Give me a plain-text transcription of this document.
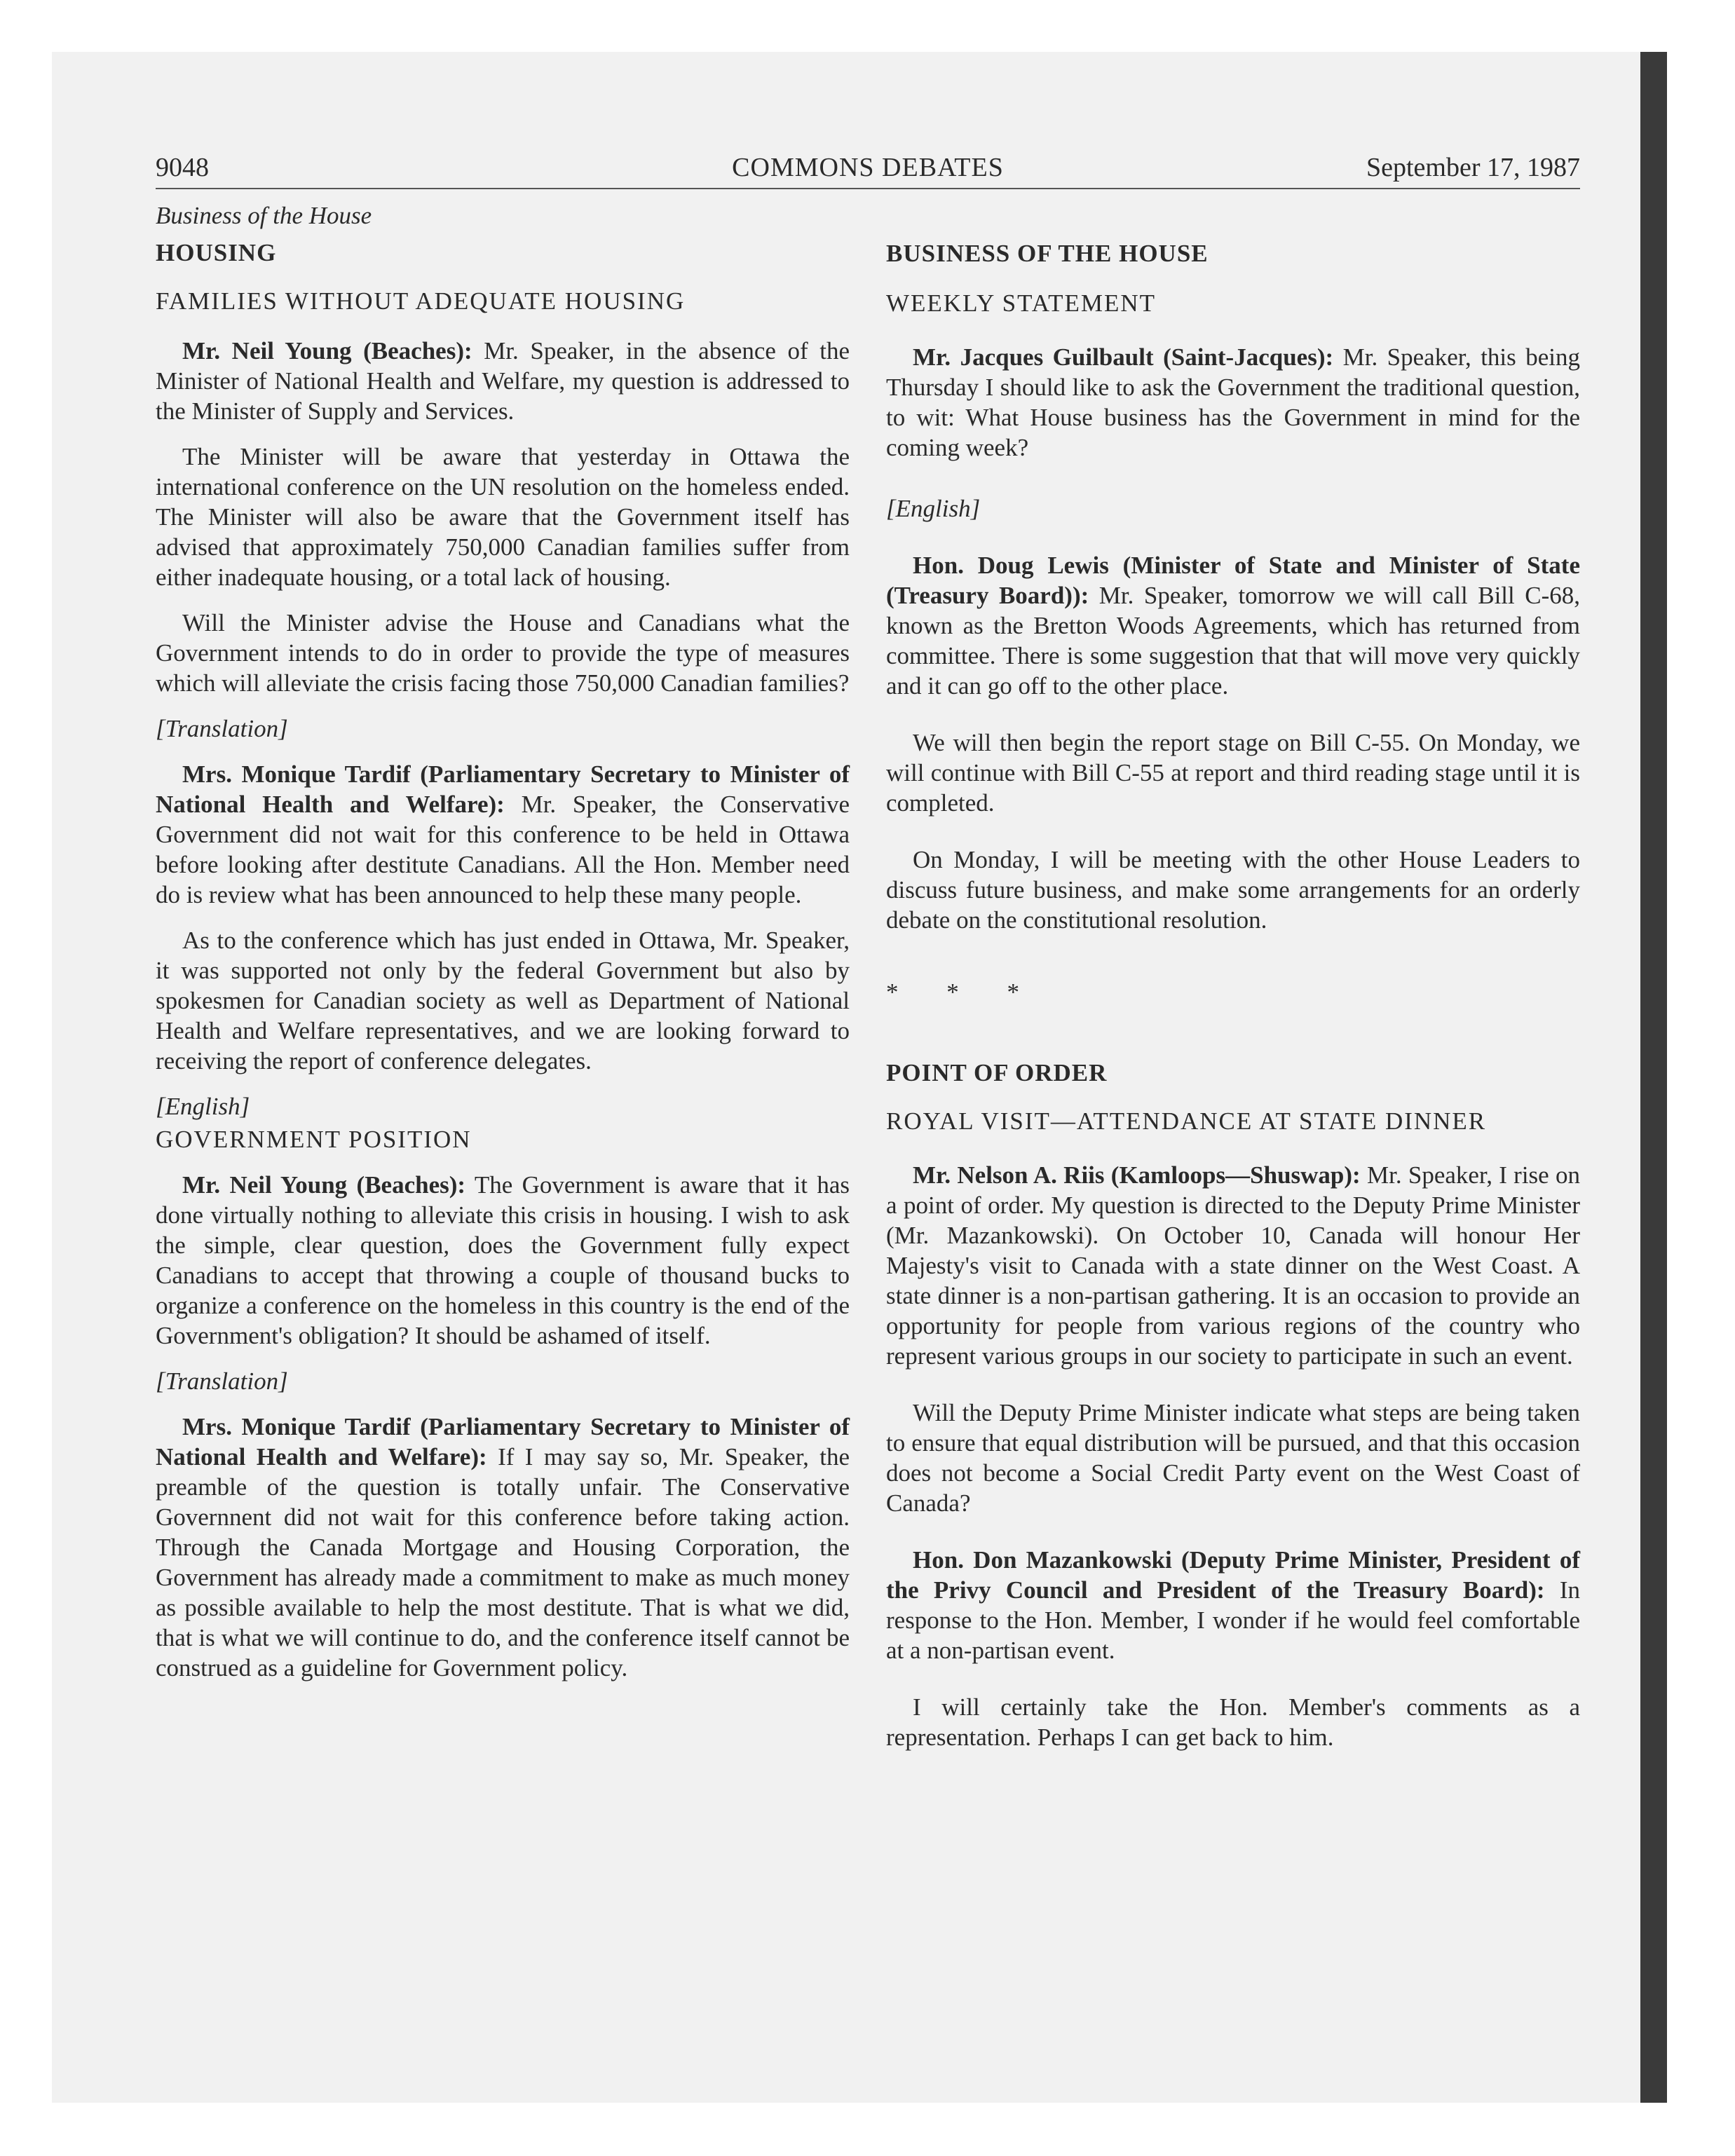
COMMONS DEBATES
9048	September 17, 1987

Business of the House

HOUSING

FAMILIES WITHOUT ADEQUATE HOUSING

Mr. Neil Young (Beaches): Mr. Speaker, in the absence of the Minister of National Health and Welfare, my question is addressed to the Minister of Supply and Services.

The Minister will be aware that yesterday in Ottawa the international conference on the UN resolution on the homeless ended. The Minister will also be aware that the Government itself has advised that approximately 750,000 Canadian families suffer from either inadequate housing, or a total lack of housing.

Will the Minister advise the House and Canadians what the Government intends to do in order to provide the type of measures which will alleviate the crisis facing those 750,000 Canadian families?

[Translation]

Mrs. Monique Tardif (Parliamentary Secretary to Minister of National Health and Welfare): Mr. Speaker, the Conservative Government did not wait for this conference to be held in Ottawa before looking after destitute Canadians. All the Hon. Member need do is review what has been announced to help these many people.

As to the conference which has just ended in Ottawa, Mr. Speaker, it was supported not only by the federal Government but also by spokesmen for Canadian society as well as Department of National Health and Welfare representatives, and we are looking forward to receiving the report of conference delegates.

[English]

GOVERNMENT POSITION

Mr. Neil Young (Beaches): The Government is aware that it has done virtually nothing to alleviate this crisis in housing. I wish to ask the simple, clear question, does the Government fully expect Canadians to accept that throwing a couple of thousand bucks to organize a conference on the homeless in this country is the end of the Government's obligation? It should be ashamed of itself.

[Translation]

Mrs. Monique Tardif (Parliamentary Secretary to Minister of National Health and Welfare): If I may say so, Mr. Speaker, the preamble of the question is totally unfair. The Conservative Governnent did not wait for this conference before taking action. Through the Canada Mortgage and Housing Corporation, the Government has already made a commitment to make as much money as possible available to help the most destitute. That is what we did, that is what we will continue to do, and the conference itself cannot be construed as a guideline for Government policy.

BUSINESS OF THE HOUSE

WEEKLY STATEMENT

Mr. Jacques Guilbault (Saint-Jacques): Mr. Speaker, this being Thursday I should like to ask the Government the traditional question, to wit: What House business has the Government in mind for the coming week?

[English]

Hon. Doug Lewis (Minister of State and Minister of State (Treasury Board)): Mr. Speaker, tomorrow we will call Bill C-68, known as the Bretton Woods Agreements, which has returned from committee. There is some suggestion that that will move very quickly and it can go off to the other place.

We will then begin the report stage on Bill C-55. On Monday, we will continue with Bill C-55 at report and third reading stage until it is completed.

On Monday, I will be meeting with the other House Leaders to discuss future business, and make some arrangements for an orderly debate on the constitutional resolution.

* * *

POINT OF ORDER

ROYAL VISIT—ATTENDANCE AT STATE DINNER

Mr. Nelson A. Riis (Kamloops—Shuswap): Mr. Speaker, I rise on a point of order. My question is directed to the Deputy Prime Minister (Mr. Mazankowski). On October 10, Canada will honour Her Majesty's visit to Canada with a state dinner on the West Coast. A state dinner is a non-partisan gathering. It is an occasion to provide an opportunity for people from various regions of the country who represent various groups in our society to participate in such an event.

Will the Deputy Prime Minister indicate what steps are being taken to ensure that equal distribution will be pursued, and that this occasion does not become a Social Credit Party event on the West Coast of Canada?

Hon. Don Mazankowski (Deputy Prime Minister, President of the Privy Council and President of the Treasury Board): In response to the Hon. Member, I wonder if he would feel comfortable at a non-partisan event.

I will certainly take the Hon. Member's comments as a representation. Perhaps I can get back to him.
